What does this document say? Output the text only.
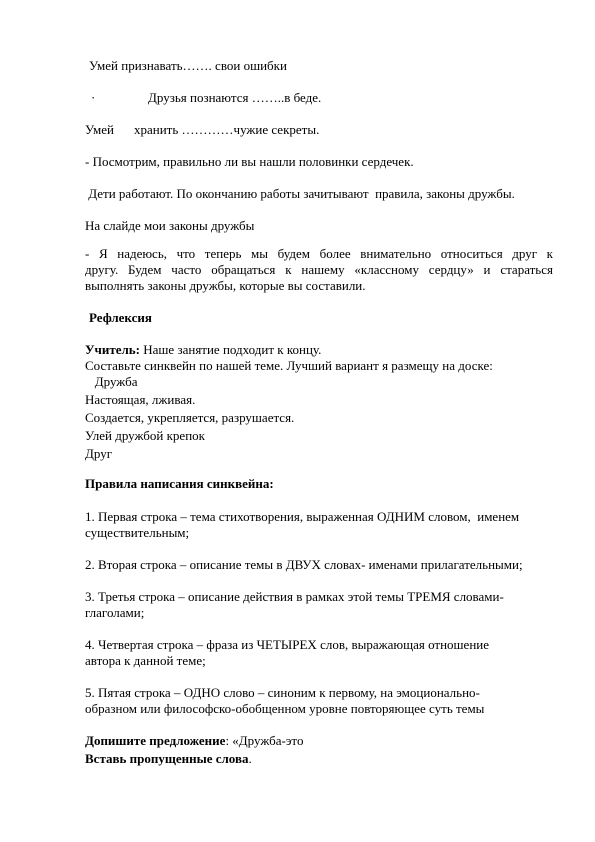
Умей признавать……. свои ошибки
·	Друзья познаются ……..в беде.
Умей хранить …………чужие секреты.
- Посмотрим, правильно ли вы нашли половинки сердечек.
Дети работают. По окончанию работы зачитывают  правила, законы дружбы.
На слайде мои законы дружбы
- Я надеюсь, что теперь мы будем более внимательно относиться друг к
другу. Будем часто обращаться к нашему «классному сердцу» и стараться
выполнять законы дружбы, которые вы составили.
Рефлексия
Учитель: Наше занятие подходит к концу.
Составьте синквейн по нашей теме. Лучший вариант я размещу на доске:
Дружба
Настоящая, лживая.
Создается, укрепляется, разрушается.
Улей дружбой крепок
Друг
Правила написания синквейна:
1. Первая строка – тема стихотворения, выраженная ОДНИМ словом,  именем
существительным;
2. Вторая строка – описание темы в ДВУХ словах- именами прилагательными;
3. Третья строка – описание действия в рамках этой темы ТРЕМЯ словами-
глаголами;
4. Четвертая строка – фраза из ЧЕТЫРЕХ слов, выражающая отношение
автора к данной теме;
5. Пятая строка – ОДНО слово – синоним к первому, на эмоционально-
образном или философско-обобщенном уровне повторяющее суть темы
Допишите предложение: «Дружба-это
Вставь пропущенные слова.
